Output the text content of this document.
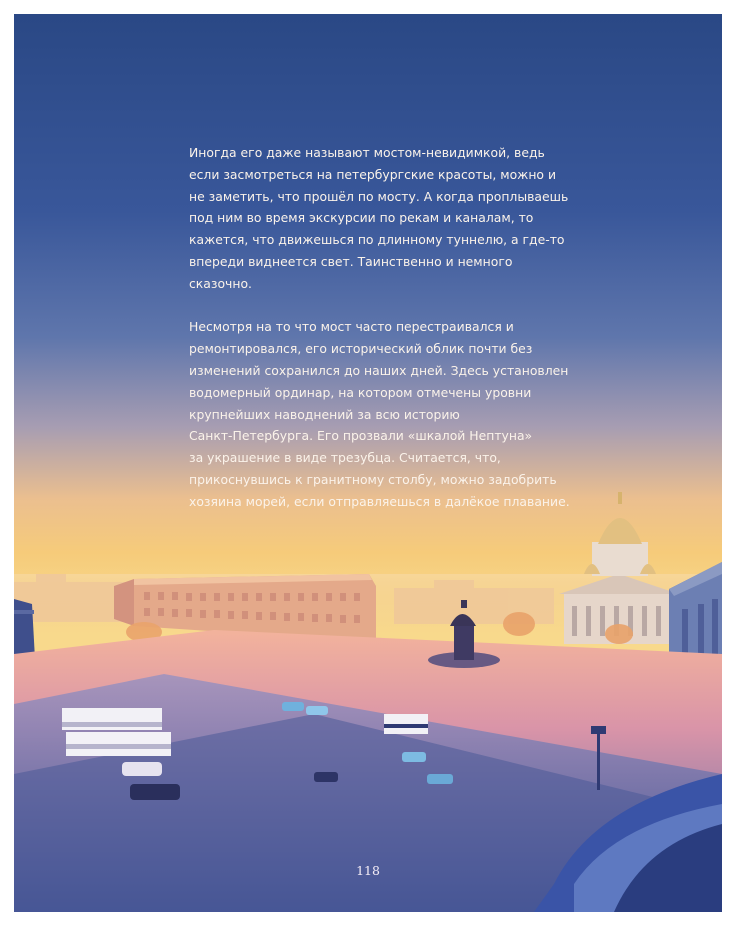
Иногда его даже называют мостом-невидимкой, ведь
если засмотреться на петербургские красоты, можно и
не заметить, что прошёл по мосту. А когда проплываешь
под ним во время экскурсии по рекам и каналам, то
кажется, что движешься по длинному туннелю, а где-то
впереди виднеется свет. Таинственно и немного
сказочно.

Несмотря на то что мост часто перестраивался и
ремонтировался, его исторический облик почти без
изменений сохранился до наших дней. Здесь установлен
водомерный ординар, на котором отмечены уровни
крупнейших наводнений за всю историю
Санкт-Петербурга. Его прозвали «шкалой Нептуна»
за украшение в виде трезубца. Считается, что,
прикоснувшись к гранитному столбу, можно задобрить
хозяина морей, если отправляешься в далёкое плавание.

118
